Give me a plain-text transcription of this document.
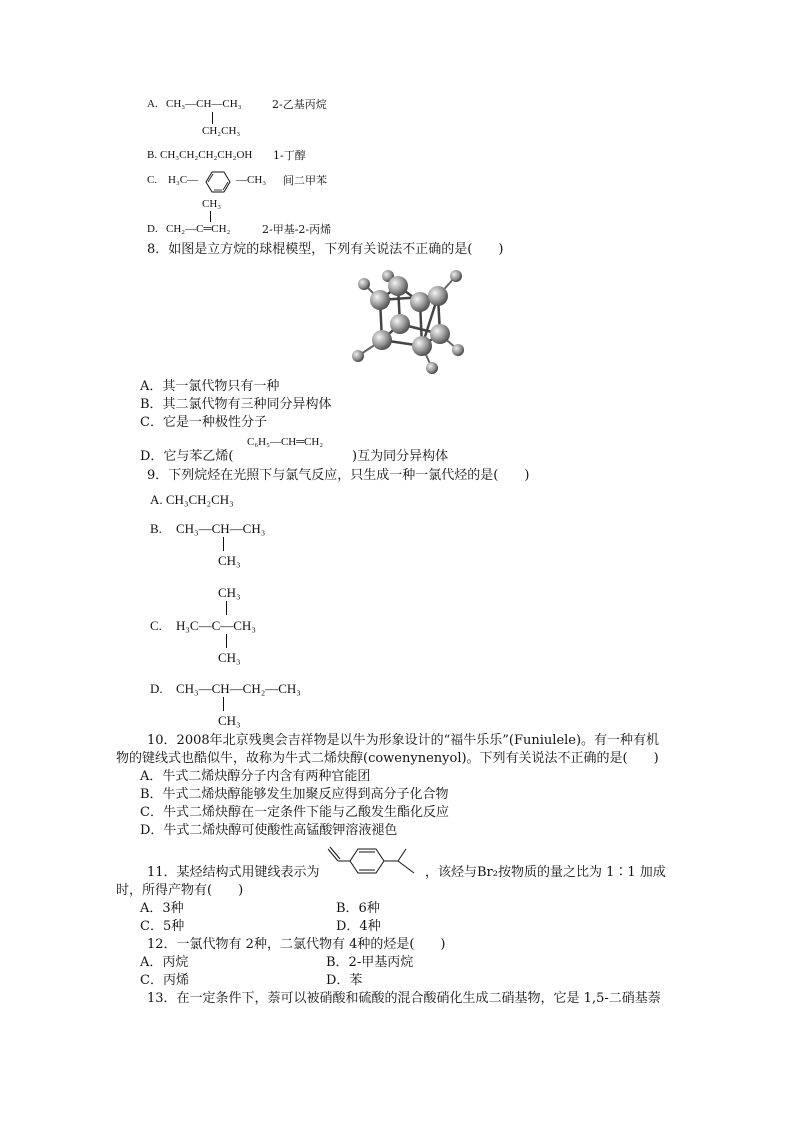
A. CH₃—CH—CH₃
CH₂CH₃
2-乙基丙烷
B. CH₃CH₂CH₂CH₂OH 1-丁醇
C. H₃C—	—CH₃ 间二甲苯
CH₃
D. CH₂—C═CH₂	2-甲基-2-丙烯
8．如图是立方烷的球棍模型，下列有关说法不正确的是(　　)
A．其一氯代物只有一种
B．其二氯代物有三种同分异构体
C．它是一种极性分子
D．它与苯乙烯(
C₆H₅—CH═CH₂
)互为同分异构体
9．下列烷烃在光照下与氯气反应，只生成一种一氯代烃的是(　　)
A. CH₃CH₂CH₃
B. CH₃—CH—CH₃
CH₃
CH₃
C. H₃C—C—CH₃
CH₃
D. CH₃—CH—CH₂—CH₃
CH₃
10．2008年北京残奥会吉祥物是以牛为形象设计的“福牛乐乐”(Funiulele)。有一种有机
物的键线式也酷似牛，故称为牛式二烯炔醇(cowenynenyol)。下列有关说法不正确的是(　　)
A．牛式二烯炔醇分子内含有两种官能团
B．牛式二烯炔醇能够发生加聚反应得到高分子化合物
C．牛式二烯炔醇在一定条件下能与乙酸发生酯化反应
D．牛式二烯炔醇可使酸性高锰酸钾溶液褪色
11．某烃结构式用键线表示为	，该烃与Br₂按物质的量之比为 1∶1 加成
时，所得产物有(　　)
A．3种	B．6种
C．5种	D．4种
12．一氯代物有 2种，二氯代物有 4种的烃是(　　)
A．丙烷	B．2-甲基丙烷
C．丙烯	D．苯
13．在一定条件下，萘可以被硝酸和硫酸的混合酸硝化生成二硝基物，它是 1,5-二硝基萘
